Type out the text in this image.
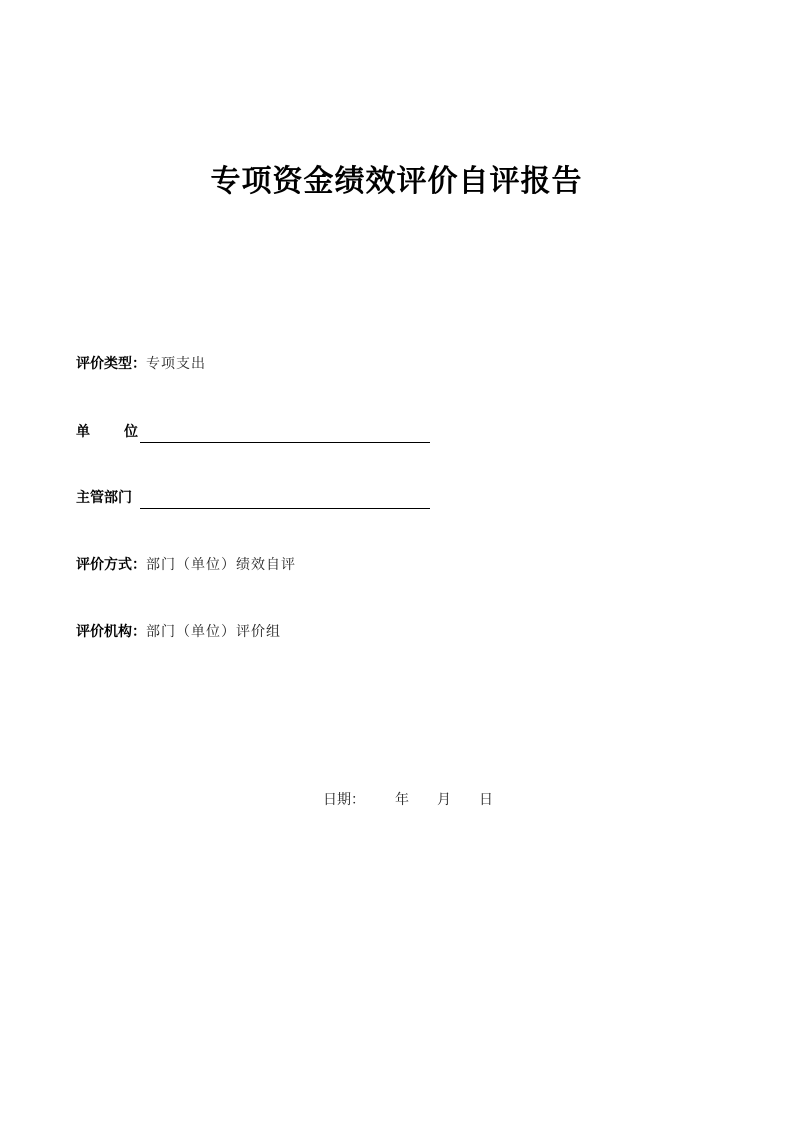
专项资金绩效评价自评报告
评价类型：专项支出
单 位
主管部门
评价方式：部门（单位）绩效自评
评价机构：部门（单位）评价组
日期： 年 月 日
